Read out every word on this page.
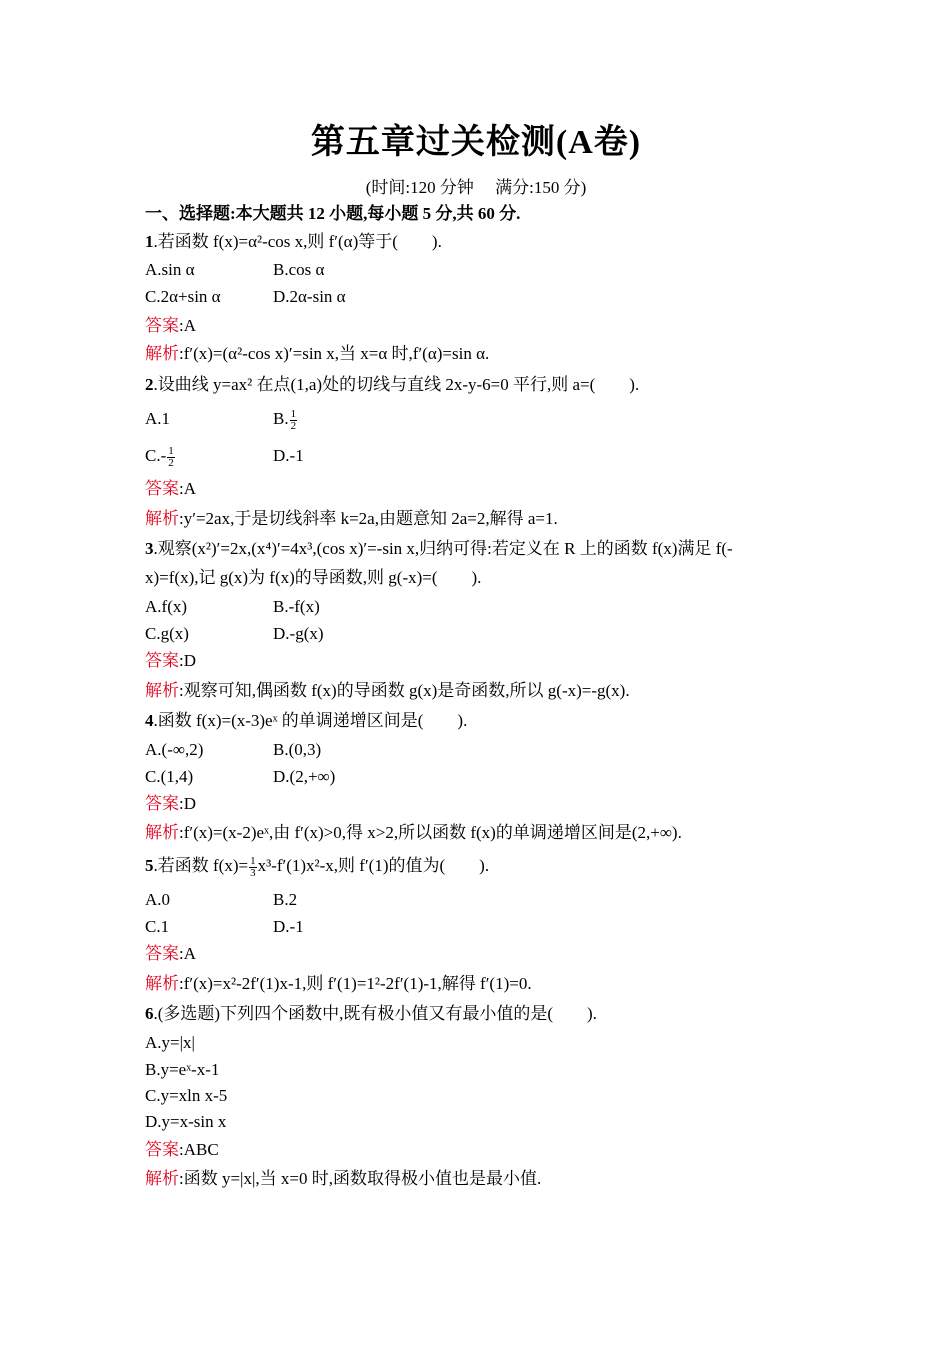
第五章过关检测(A卷)
(时间:120 分钟　 满分:150 分)
一、选择题:本大题共 12 小题,每小题 5 分,共 60 分.
1.若函数 f(x)=α²-cos x,则 f′(α)等于(　　).
A.sin α	B.cos α
C.2α+sin α	D.2α-sin α
答案:A
解析:f′(x)=(α²-cos x)′=sin x,当 x=α 时,f′(α)=sin α.
2.设曲线 y=ax² 在点(1,a)处的切线与直线 2x-y-6=0 平行,则 a=(　　).
A.1	B. $\frac{1}{2}$
$C.- \frac{1}{2}$	D.-1
答案:A
解析:y′=2ax,于是切线斜率 k=2a,由题意知 2a=2,解得 a=1.
3.观察(x²)′=2x,(x⁴)′=4x³,(cos x)′=-sin x,归纳可得:若定义在 R 上的函数 f(x)满足 f(-
x)=f(x),记 g(x)为 f(x)的导函数,则 g(-x)=(　　).
A.f(x)	B.-f(x)
C.g(x)	D.-g(x)
答案:D
解析:观察可知,偶函数 f(x)的导函数 g(x)是奇函数,所以 g(-x)=-g(x).
4.函数 f(x)=(x-3)eˣ 的单调递增区间是(　　).
A.(-∞,2)	B.(0,3)
C.(1,4)	D.(2,+∞)
答案:D
解析:f′(x)=(x-2)eˣ,由 f′(x)>0,得 x>2,所以函数 f(x)的单调递增区间是(2,+∞).
5.若函数 $f(x)= \frac{1}{3} x^3-f'(1)x^2-x$,则 f′(1)的值为(　　).
A.0	B.2
C.1	D.-1
答案:A
解析:f′(x)=x²-2f′(1)x-1,则 f′(1)=1²-2f′(1)-1,解得 f′(1)=0.
6.(多选题)下列四个函数中,既有极小值又有最小值的是(　　).
A.y=|x|
B.y=eˣ-x-1
C.y=xln x-5
D.y=x-sin x
答案:ABC
解析:函数 y=|x|,当 x=0 时,函数取得极小值也是最小值.
